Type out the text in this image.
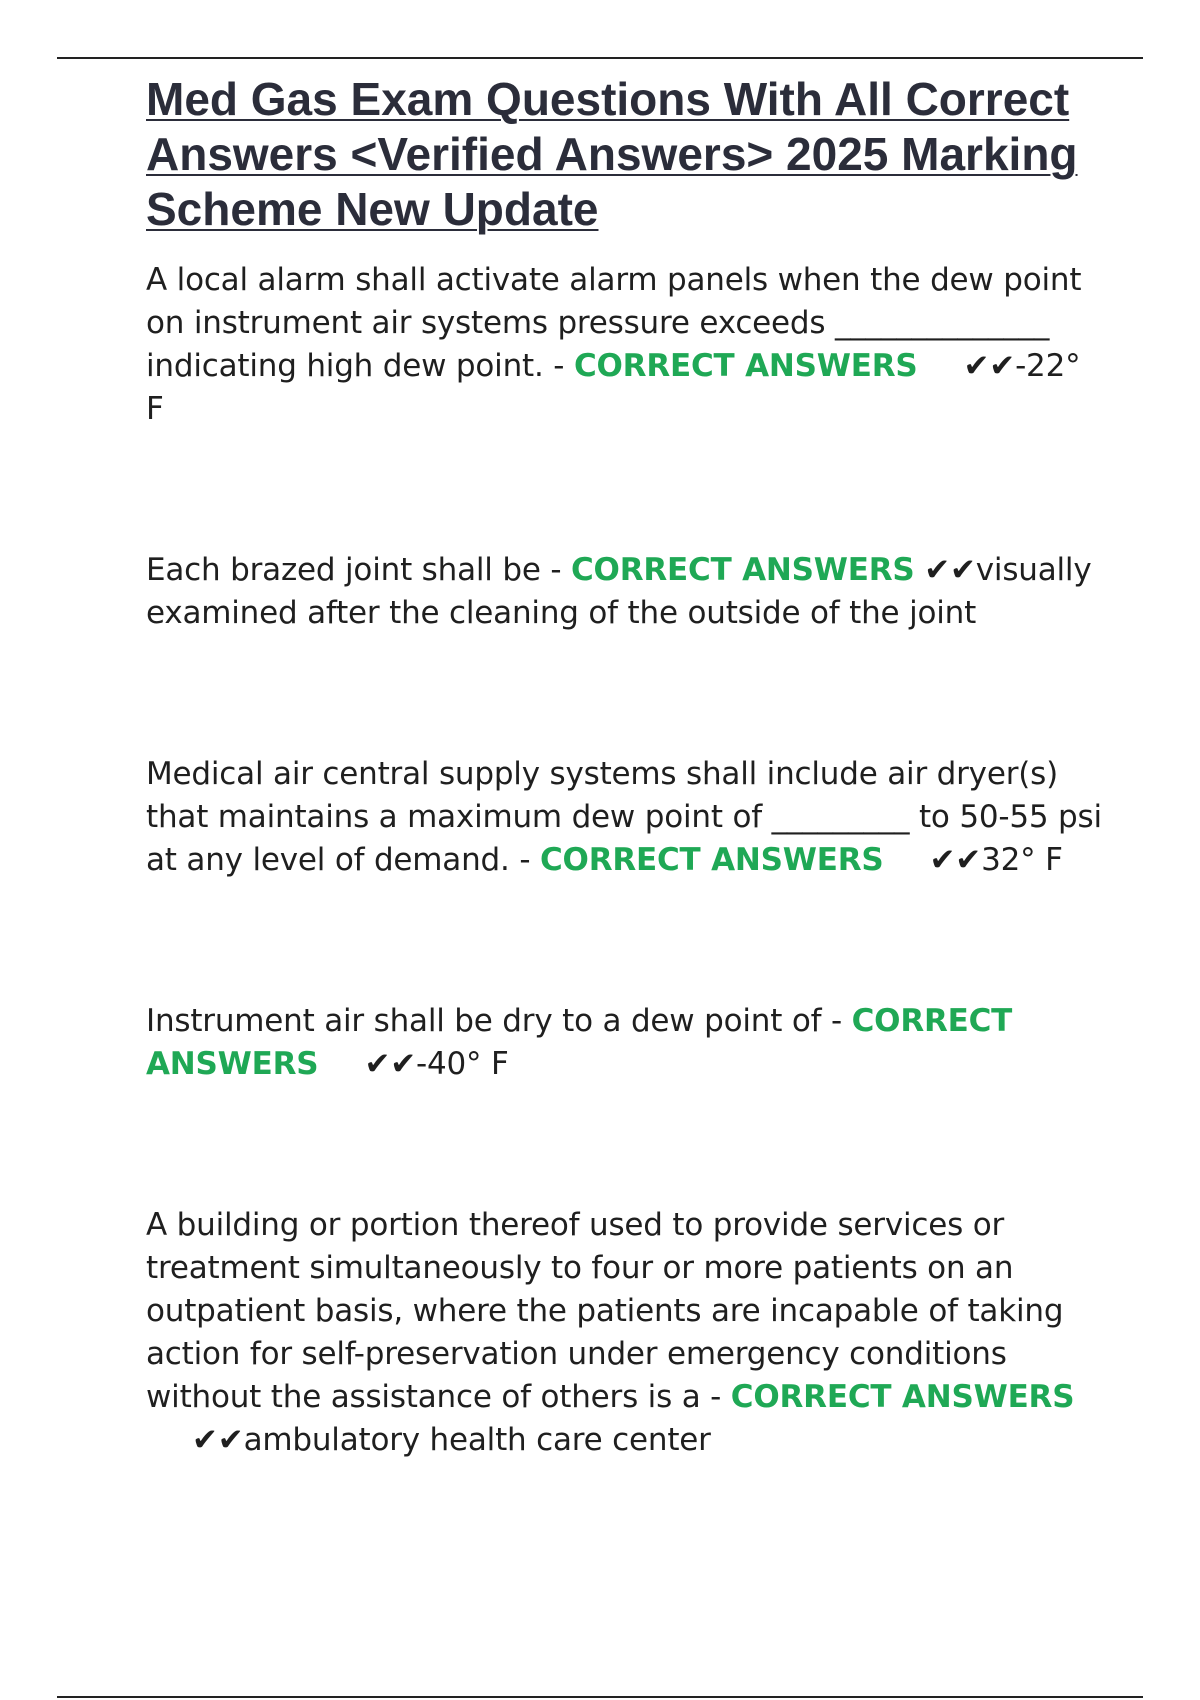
Med Gas Exam Questions With All Correct Answers <Verified Answers> 2025 Marking Scheme New Update

A local alarm shall activate alarm panels when the dew point on instrument air systems pressure exceeds ______________ indicating high dew point. - CORRECT ANSWERS ✔✔-22° F

Each brazed joint shall be - CORRECT ANSWERS ✔✔visually examined after the cleaning of the outside of the joint

Medical air central supply systems shall include air dryer(s) that maintains a maximum dew point of _________ to 50-55 psi at any level of demand. - CORRECT ANSWERS ✔✔32° F

Instrument air shall be dry to a dew point of - CORRECT ANSWERS ✔✔-40° F

A building or portion thereof used to provide services or treatment simultaneously to four or more patients on an outpatient basis, where the patients are incapable of taking action for self-preservation under emergency conditions without the assistance of others is a - CORRECT ANSWERS✔✔ambulatory health care center
